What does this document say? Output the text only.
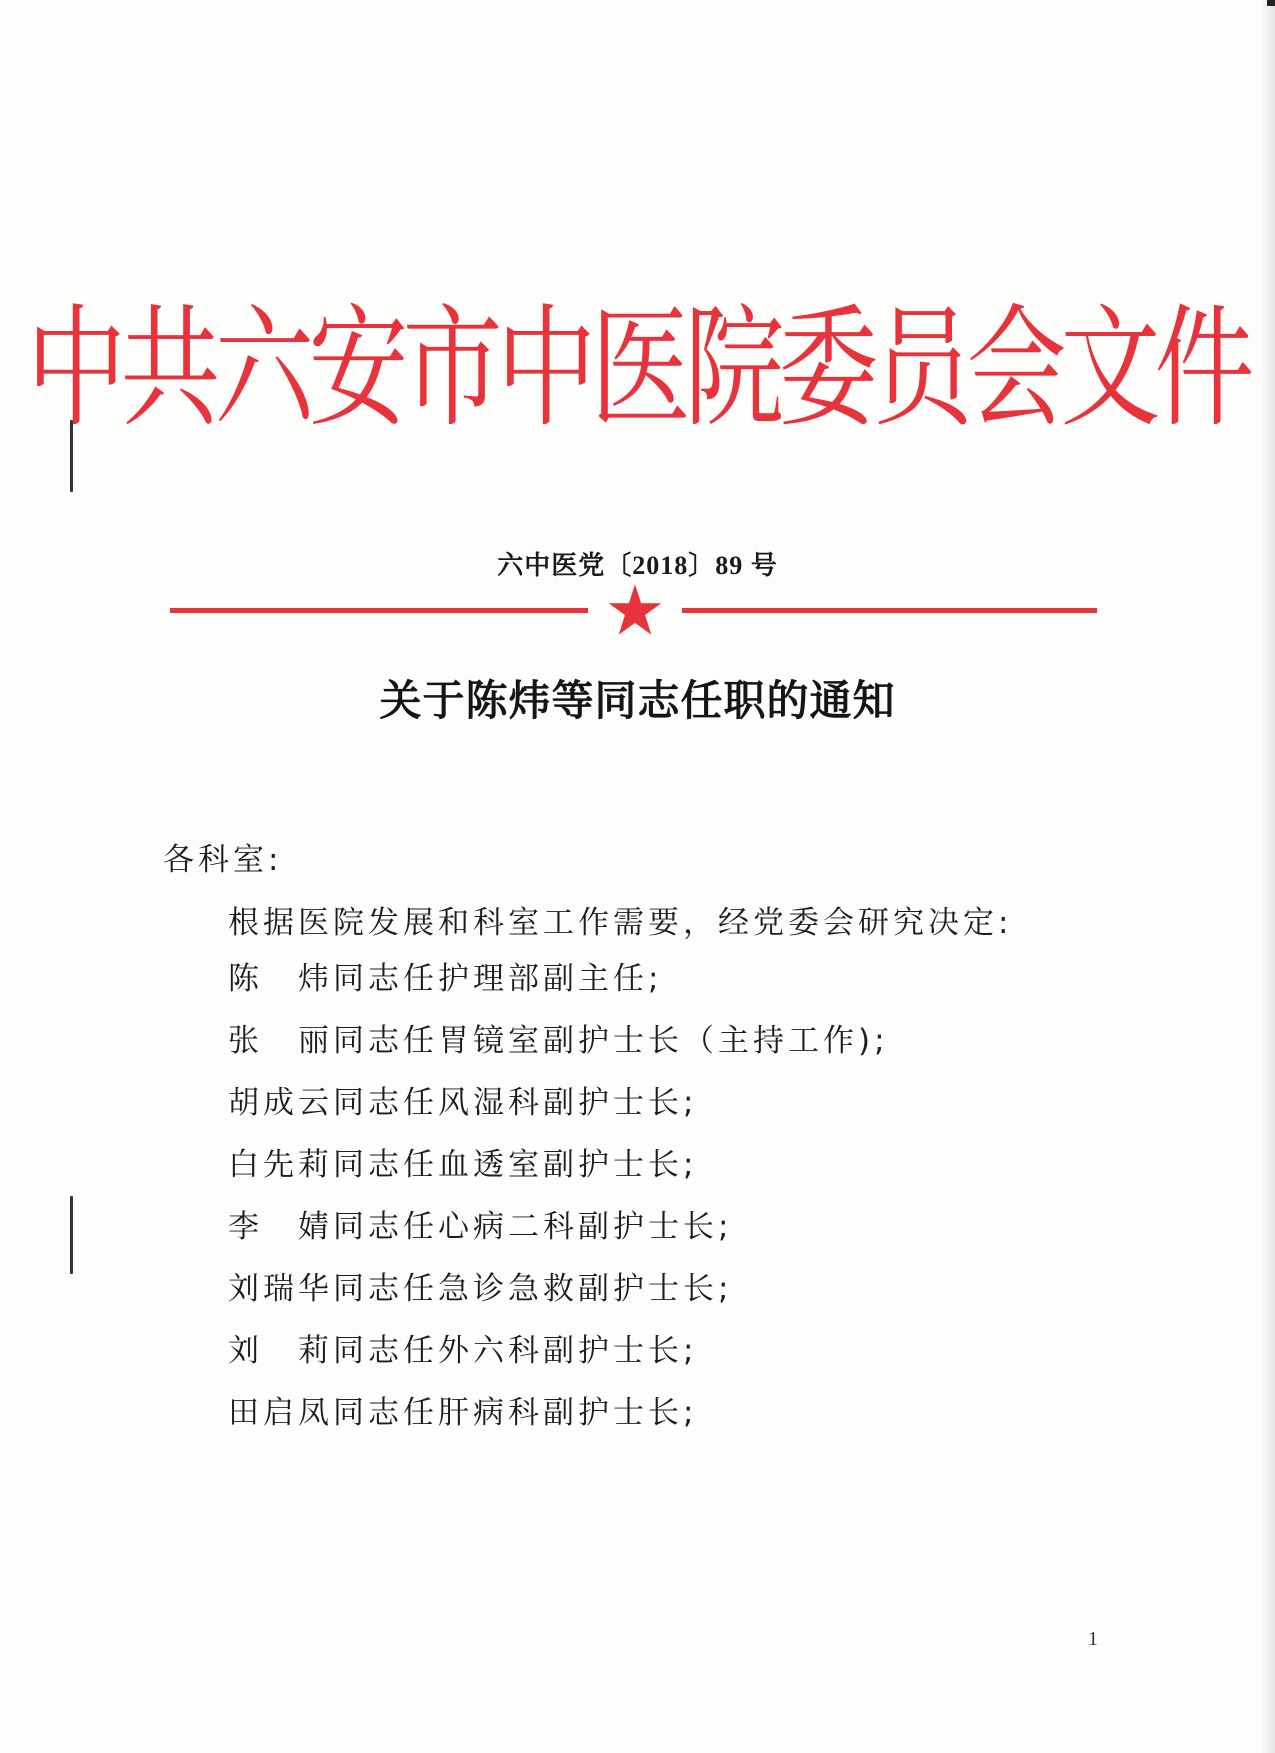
中共六安市中医院委员会文件
六中医党〔2018〕89 号
关于陈炜等同志任职的通知
各科室:
根据医院发展和科室工作需要，经党委会研究决定:
陈　炜同志任护理部副主任;
张　丽同志任胃镜室副护士长（主持工作);
胡成云同志任风湿科副护士长;
白先莉同志任血透室副护士长;
李　婧同志任心病二科副护士长;
刘瑞华同志任急诊急救副护士长;
刘　莉同志任外六科副护士长;
田启凤同志任肝病科副护士长;
1
